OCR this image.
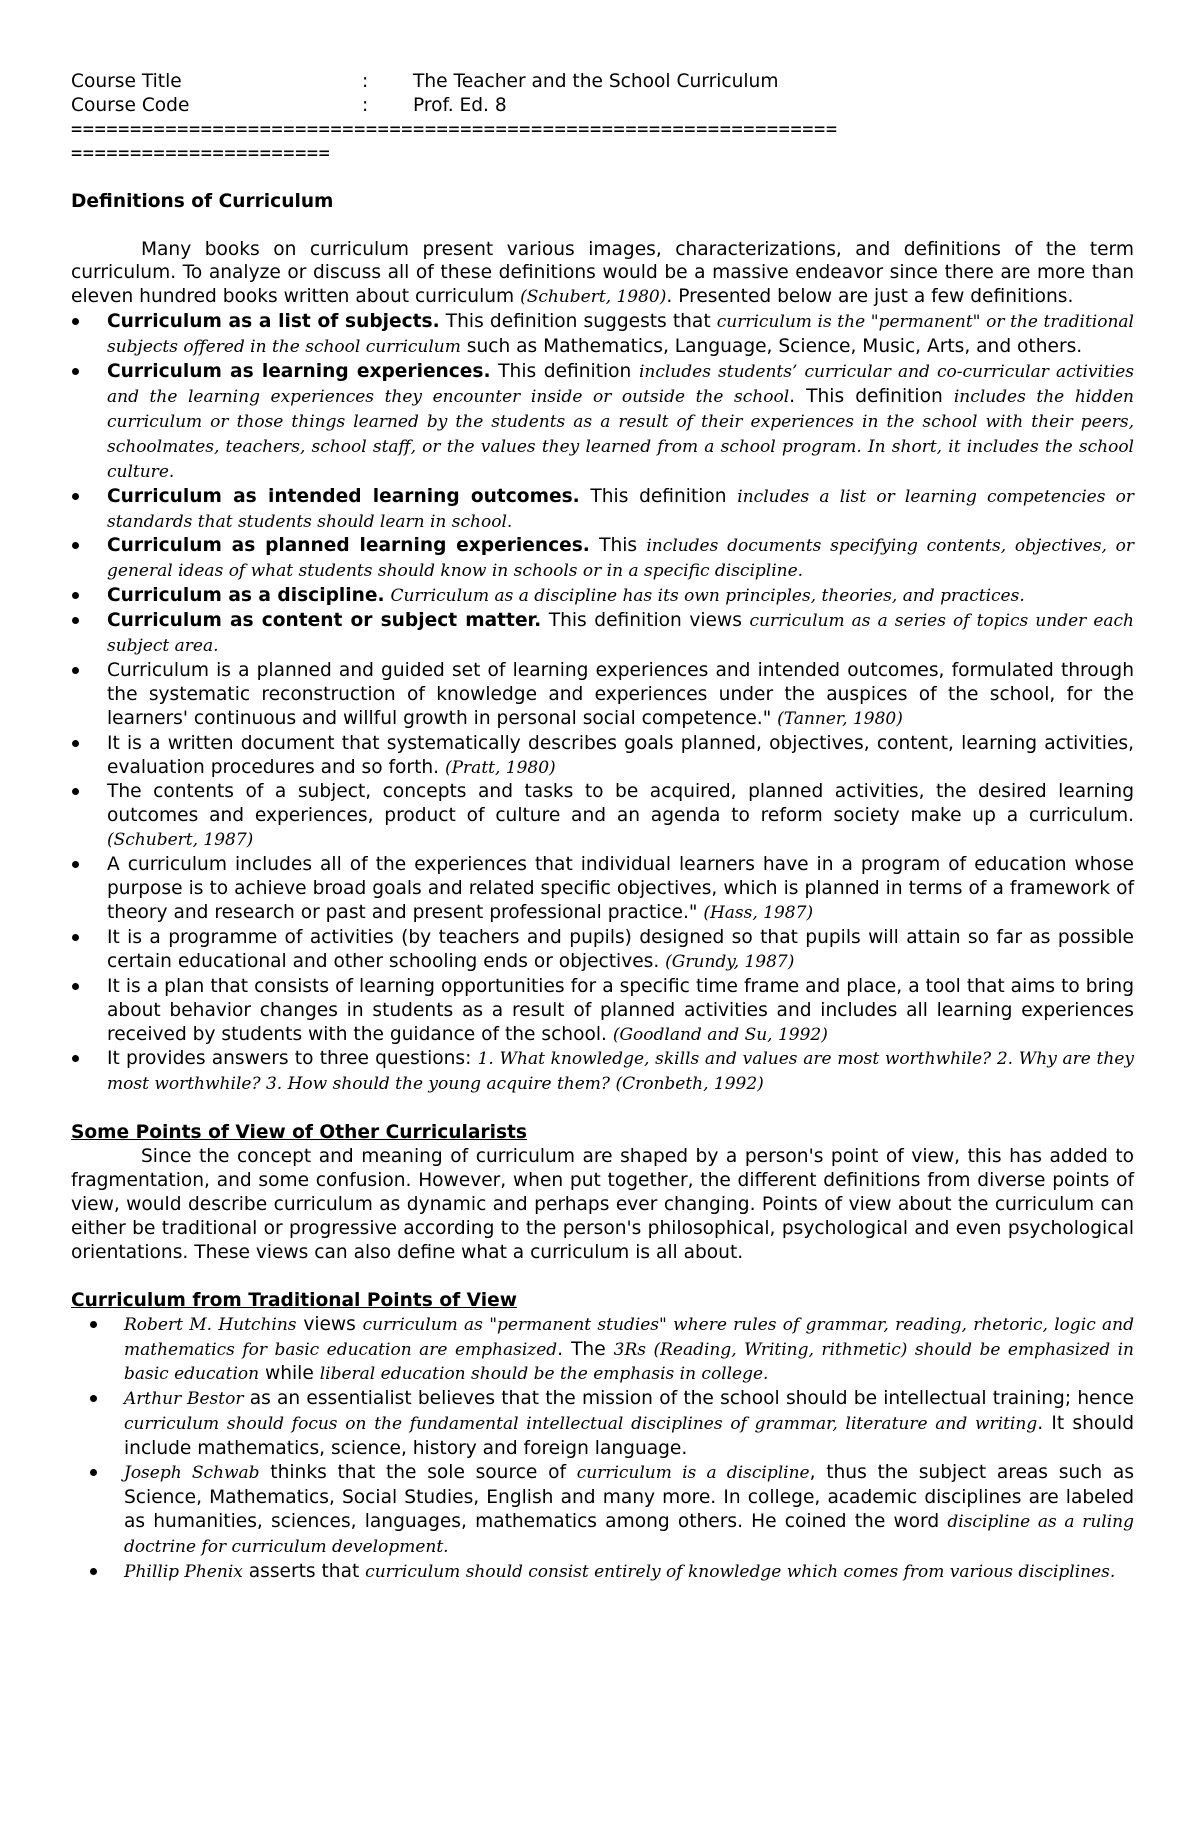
Course Title	:	The Teacher and the School Curriculum
Course Code	:	Prof. Ed. 8
=================================================================
======================
Definitions of Curriculum

Many books on curriculum present various images, characterizations, and definitions of the term curriculum. To analyze or discuss all of these definitions would be a massive endeavor since there are more than eleven hundred books written about curriculum (Schubert, 1980). Presented below are just a few definitions.

Curriculum as a list of subjects. This definition suggests that curriculum is the "permanent" or the traditional subjects offered in the school curriculum such as Mathematics, Language, Science, Music, Arts, and others.
Curriculum as learning experiences. This definition includes students’ curricular and co-curricular activities and the learning experiences they encounter inside or outside the school. This definition includes the hidden curriculum or those things learned by the students as a result of their experiences in the school with their peers, schoolmates, teachers, school staff, or the values they learned from a school program. In short, it includes the school culture.
Curriculum as intended learning outcomes. This definition includes a list or learning competencies or standards that students should learn in school.
Curriculum as planned learning experiences. This includes documents specifying contents, objectives, or general ideas of what students should know in schools or in a specific discipline.
Curriculum as a discipline. Curriculum as a discipline has its own principles, theories, and practices.
Curriculum as content or subject matter. This definition views curriculum as a series of topics under each subject area.
Curriculum is a planned and guided set of learning experiences and intended outcomes, formulated through the systematic reconstruction of knowledge and experiences under the auspices of the school, for the learners' continuous and willful growth in personal social competence." (Tanner, 1980)
It is a written document that systematically describes goals planned, objectives, content, learning activities, evaluation procedures and so forth. (Pratt, 1980)
The contents of a subject, concepts and tasks to be acquired, planned activities, the desired learning outcomes and experiences, product of culture and an agenda to reform society make up a curriculum. (Schubert, 1987)
A curriculum includes all of the experiences that individual learners have in a program of education whose purpose is to achieve broad goals and related specific objectives, which is planned in terms of a framework of theory and research or past and present professional practice." (Hass, 1987)
It is a programme of activities (by teachers and pupils) designed so that pupils will attain so far as possible certain educational and other schooling ends or objectives. (Grundy, 1987)
It is a plan that consists of learning opportunities for a specific time frame and place, a tool that aims to bring about behavior changes in students as a result of planned activities and includes all learning experiences received by students with the guidance of the school. (Goodland and Su, 1992)
It provides answers to three questions: 1. What knowledge, skills and values are most worthwhile? 2. Why are they most worthwhile? 3. How should the young acquire them? (Cronbeth, 1992)
Some Points of View of Other Curricularists

Since the concept and meaning of curriculum are shaped by a person's point of view, this has added to fragmentation, and some confusion. However, when put together, the different definitions from diverse points of view, would describe curriculum as dynamic and perhaps ever changing. Points of view about the curriculum can either be traditional or progressive according to the person's philosophical, psychological and even psychological orientations. These views can also define what a curriculum is all about.

Curriculum from Traditional Points of View
Robert M. Hutchins views curriculum as "permanent studies" where rules of grammar, reading, rhetoric, logic and mathematics for basic education are emphasized. The 3Rs (Reading, Writing, rithmetic) should be emphasized in basic education while liberal education should be the emphasis in college.
Arthur Bestor as an essentialist believes that the mission of the school should be intellectual training; hence curriculum should focus on the fundamental intellectual disciplines of grammar, literature and writing. It should include mathematics, science, history and foreign language.
Joseph Schwab thinks that the sole source of curriculum is a discipline, thus the subject areas such as Science, Mathematics, Social Studies, English and many more. In college, academic disciplines are labeled as humanities, sciences, languages, mathematics among others. He coined the word discipline as a ruling doctrine for curriculum development.
Phillip Phenix asserts that curriculum should consist entirely of knowledge which comes from various disciplines.
